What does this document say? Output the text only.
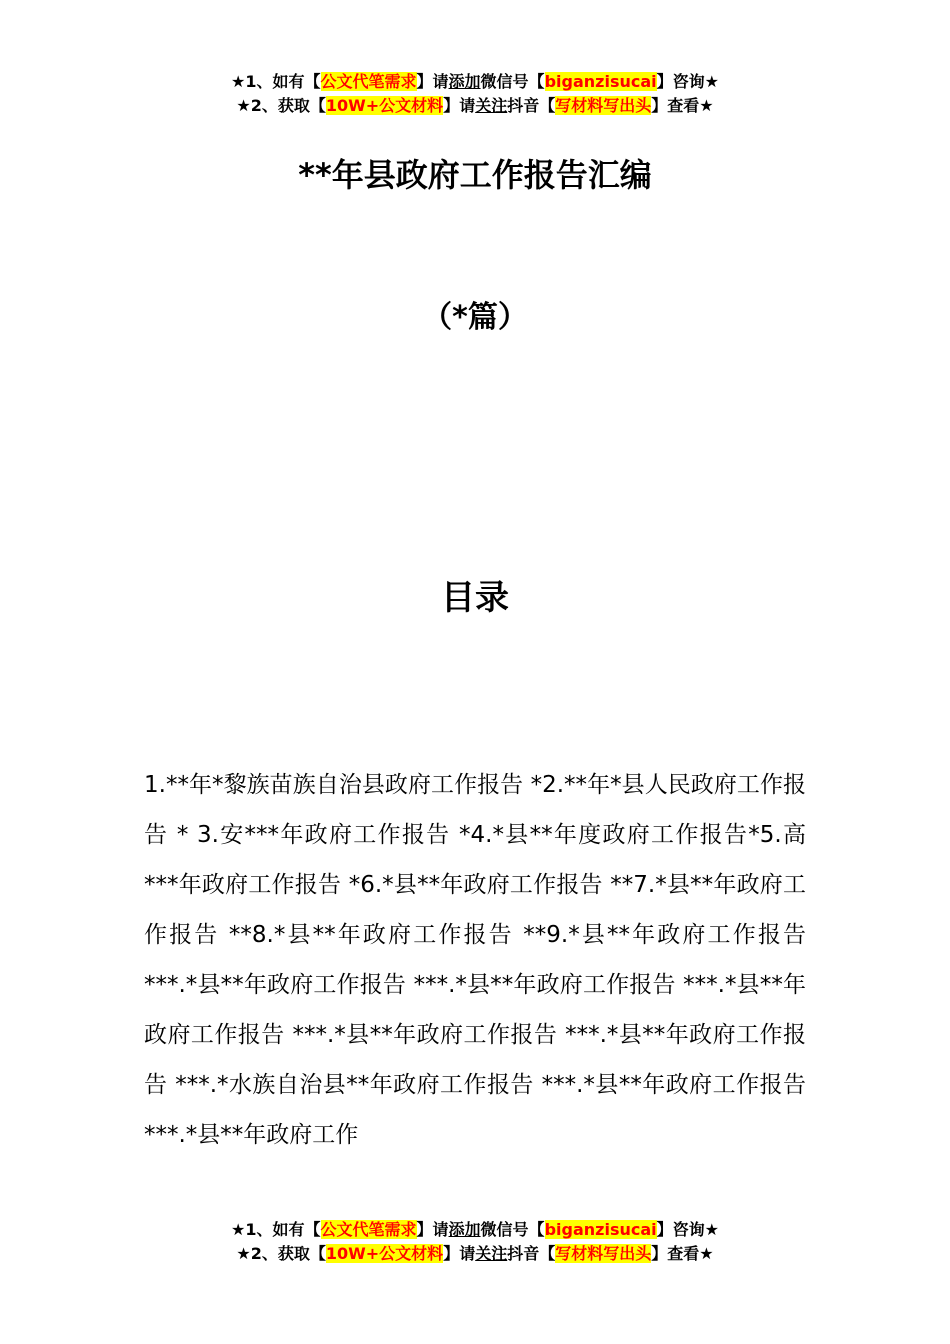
★1、如有【公文代笔需求】请添加微信号【biganzisucai】咨询★
★2、获取【10W+公文材料】请关注抖音【写材料写出头】查看★
**年县政府工作报告汇编
（*篇）
目录

1.**年*黎族苗族自治县政府工作报告 *2.**年*县人民政府工作报告 * 3.安***年政府工作报告 *4.*县**年度政府工作报告*5.高***年政府工作报告 *6.*县**年政府工作报告 **7.*县**年政府工作报告 **8.*县**年政府工作报告 **9.*县**年政府工作报告 ***.*县**年政府工作报告 ***.*县**年政府工作报告 ***.*县**年政府工作报告 ***.*县**年政府工作报告 ***.*县**年政府工作报告 ***.*水族自治县**年政府工作报告 ***.*县**年政府工作报告 ***.*县**年政府工作

★1、如有【公文代笔需求】请添加微信号【biganzisucai】咨询★
★2、获取【10W+公文材料】请关注抖音【写材料写出头】查看★
